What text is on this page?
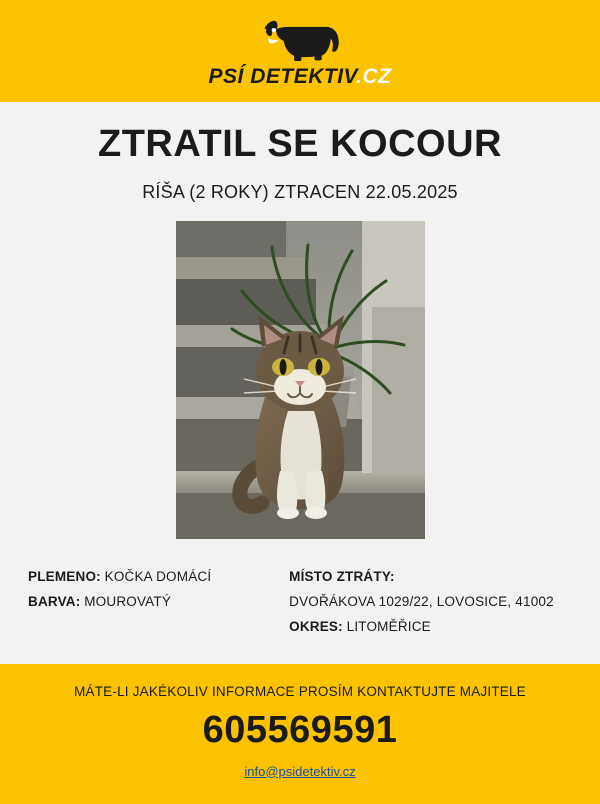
PSÍ DETEKTIV.CZ
ZTRATIL SE KOCOUR
RÍŠA (2 ROKY) ZTRACEN 22.05.2025
PLEMENO: KOČKA DOMÁCÍ
BARVA: MOUROVATÝ
MÍSTO ZTRÁTY:
DVOŘÁKOVA 1029/22, LOVOSICE, 41002
OKRES: LITOMĚŘICE
MÁTE-LI JAKÉKOLIV INFORMACE PROSÍM KONTAKTUJTE MAJITELE
605569591
info@psidetektiv.cz
